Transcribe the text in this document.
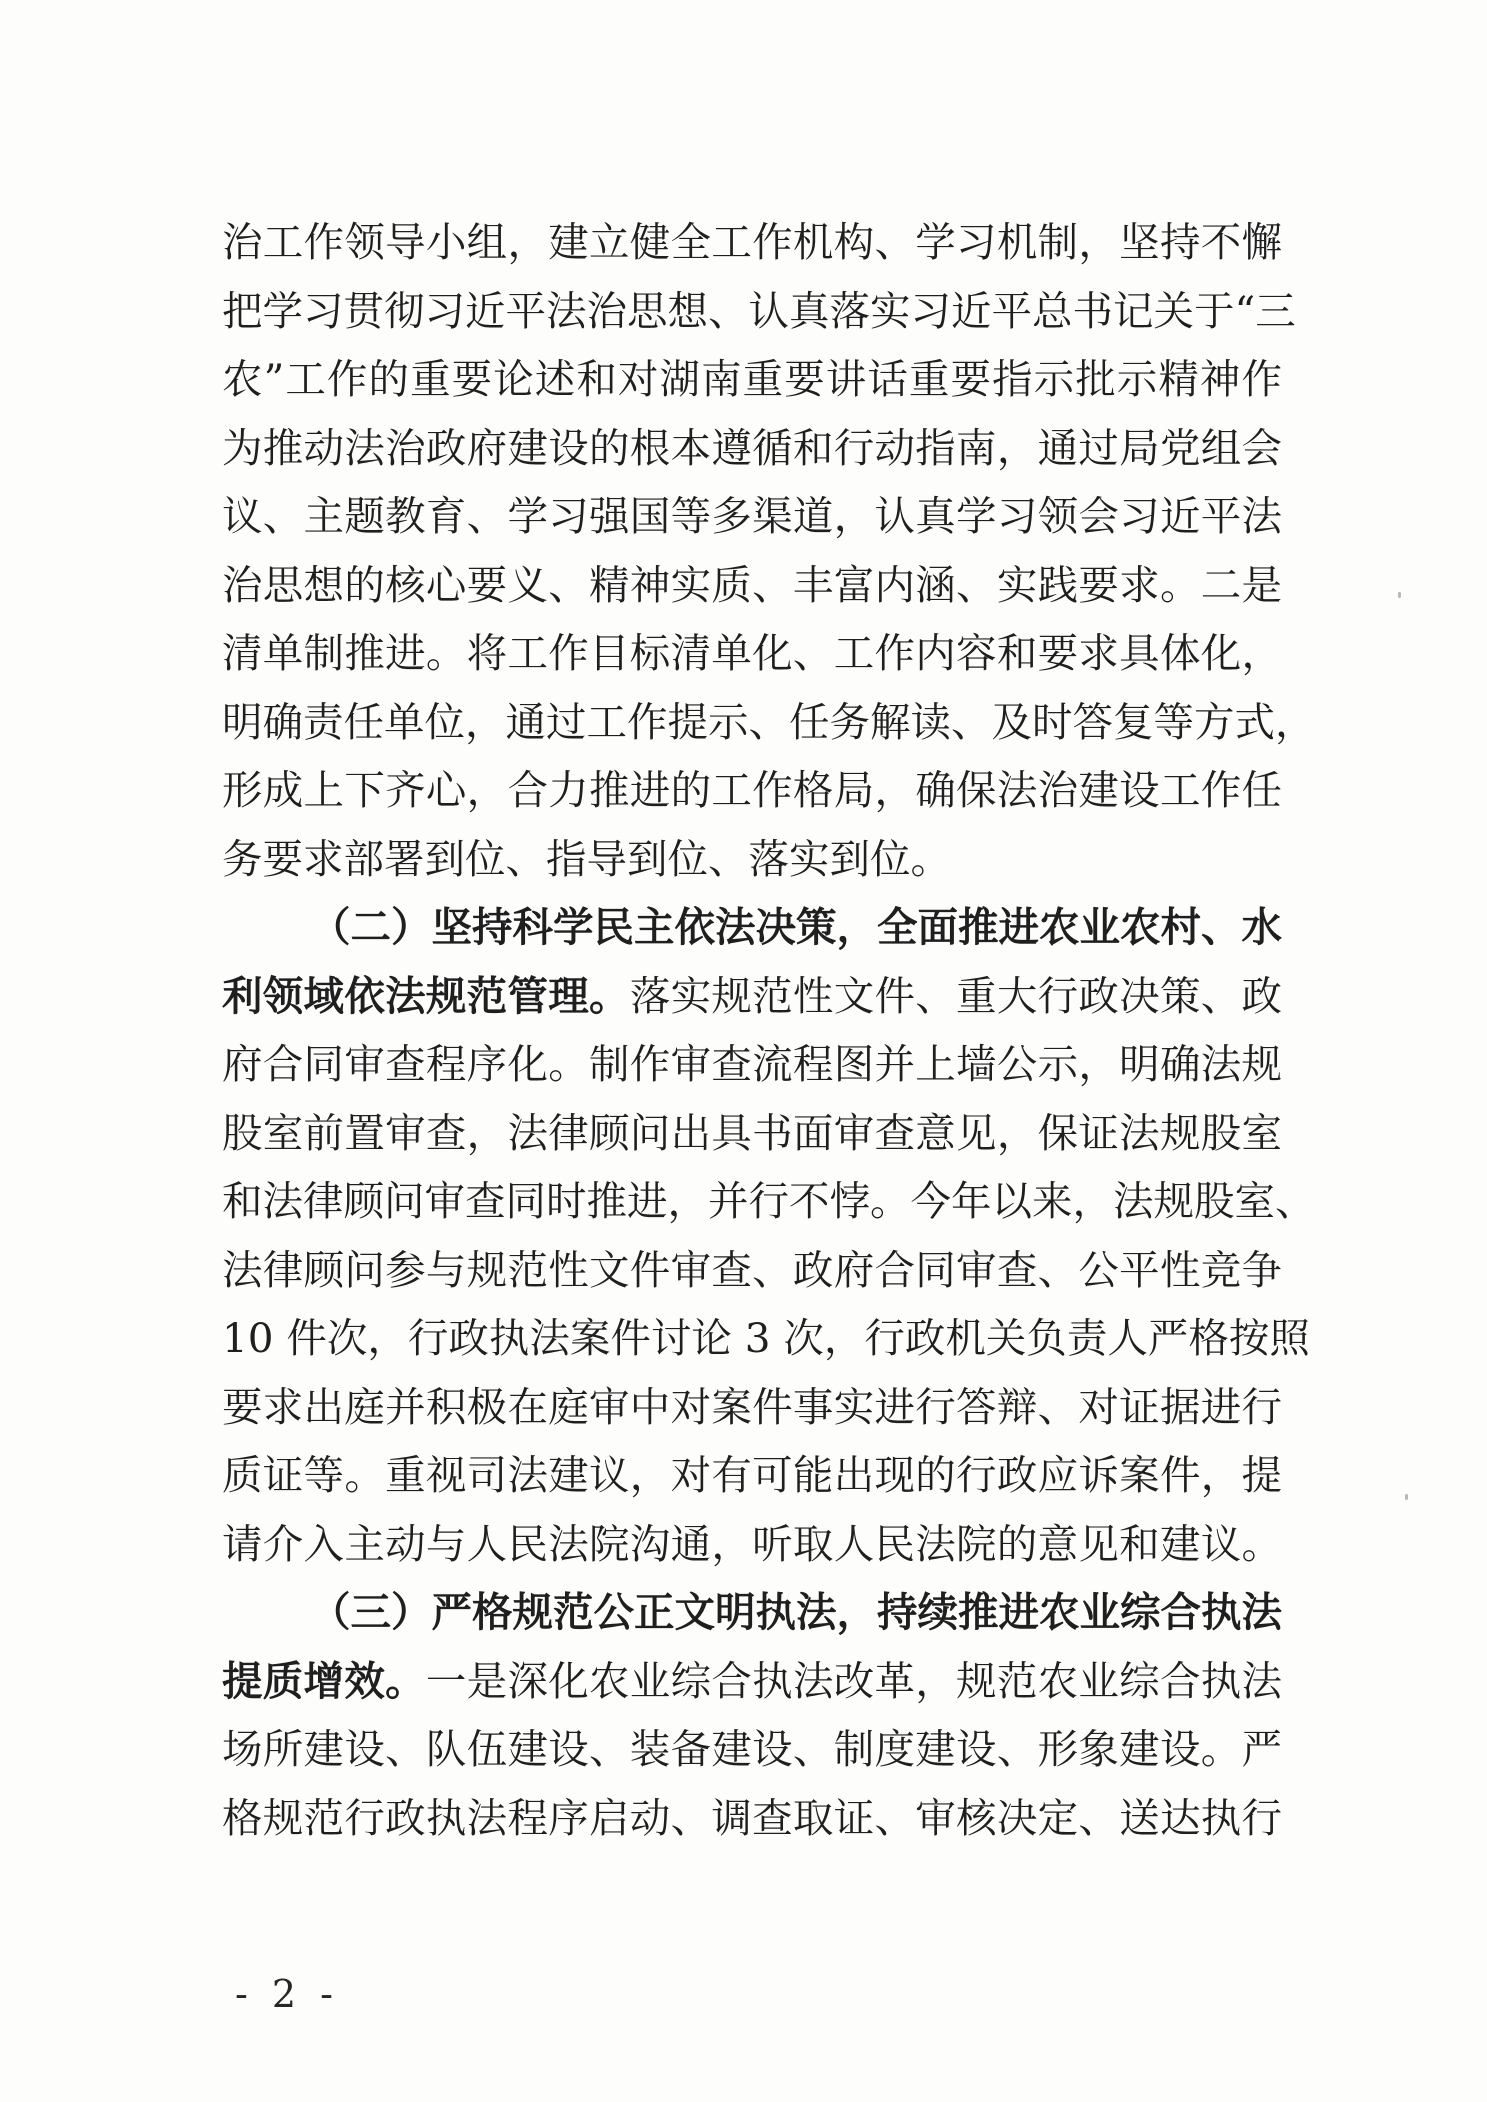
治工作领导小组，建立健全工作机构、学习机制，坚持不懈
把学习贯彻习近平法治思想、认真落实习近平总书记关于“三
农”工作的重要论述和对湖南重要讲话重要指示批示精神作
为推动法治政府建设的根本遵循和行动指南，通过局党组会
议、主题教育、学习强国等多渠道，认真学习领会习近平法
治思想的核心要义、精神实质、丰富内涵、实践要求。二是
清单制推进。将工作目标清单化、工作内容和要求具体化，
明确责任单位，通过工作提示、任务解读、及时答复等方式，
形成上下齐心，合力推进的工作格局，确保法治建设工作任
务要求部署到位、指导到位、落实到位。
（二）坚持科学民主依法决策，全面推进农业农村、水
利领域依法规范管理。落实规范性文件、重大行政决策、政
府合同审查程序化。制作审查流程图并上墙公示，明确法规
股室前置审查，法律顾问出具书面审查意见，保证法规股室
和法律顾问审查同时推进，并行不悖。今年以来，法规股室、
法律顾问参与规范性文件审查、政府合同审查、公平性竞争
10 件次，行政执法案件讨论 3 次，行政机关负责人严格按照
要求出庭并积极在庭审中对案件事实进行答辩、对证据进行
质证等。重视司法建议，对有可能出现的行政应诉案件，提
请介入主动与人民法院沟通，听取人民法院的意见和建议。
（三）严格规范公正文明执法，持续推进农业综合执法
提质增效。一是深化农业综合执法改革，规范农业综合执法
场所建设、队伍建设、装备建设、制度建设、形象建设。严
格规范行政执法程序启动、调查取证、审核决定、送达执行
- 2 -
